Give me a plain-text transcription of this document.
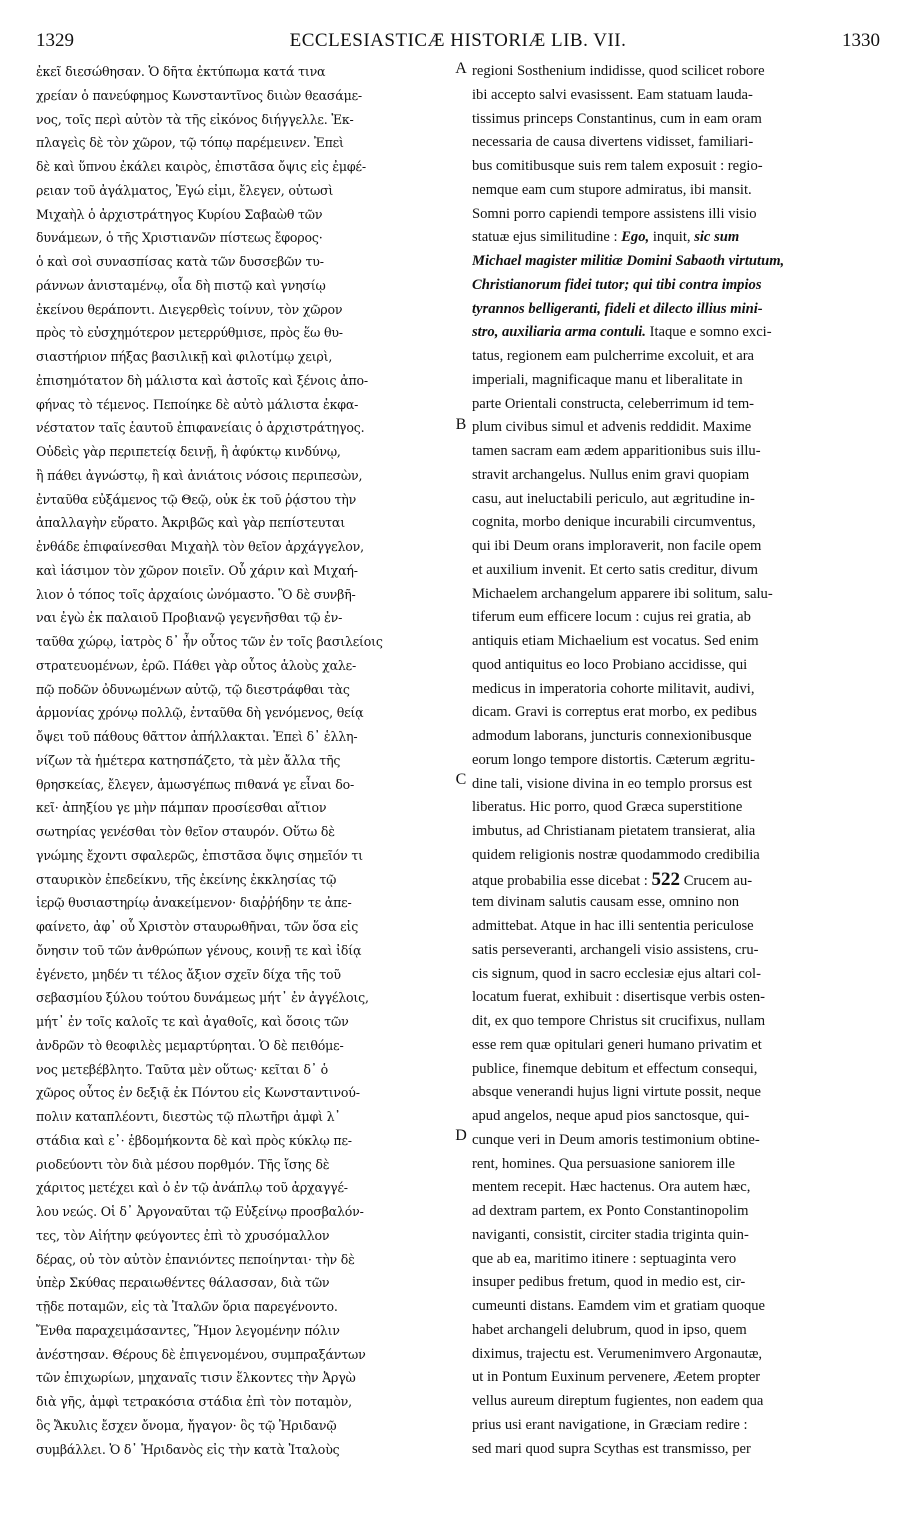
1329	ECCLESIASTICÆ HISTORIÆ LIB. VII.	1330
A
B
C
D
ἐκεῖ διεσώθησαν. Ὁ δῆτα ἐκτύπωμα κατά τινα
χρείαν ὁ πανεύφημος Κωνσταντῖνος διιὼν θεασάμε-
νος, τοῖς περὶ αὐτὸν τὰ τῆς εἰκόνος διήγγελλε. Ἐκ-
πλαγεὶς δὲ τὸν χῶρον, τῷ τόπῳ παρέμεινεν. Ἐπεὶ
δὲ καὶ ὕπνου ἐκάλει καιρὸς, ἐπιστᾶσα ὄψις εἰς ἐμφέ-
ρειαν τοῦ ἀγάλματος, Ἐγώ εἰμι, ἔλεγεν, οὑτωσὶ
Μιχαὴλ ὁ ἀρχιστράτηγος Κυρίου Σαβαὼθ τῶν
δυνάμεων, ὁ τῆς Χριστιανῶν πίστεως ἔφορος·
ὁ καὶ σοὶ συνασπίσας κατὰ τῶν δυσσεβῶν τυ-
ράννων ἀνισταμένῳ, οἷα δὴ πιστῷ καὶ γνησίῳ
ἐκείνου θεράποντι. Διεγερθεὶς τοίνυν, τὸν χῶρον
πρὸς τὸ εὐσχημότερον μετερρύθμισε, πρὸς ἕω θυ-
σιαστήριον πήξας βασιλικῇ καὶ φιλοτίμῳ χειρὶ,
ἐπισημότατον δὴ μάλιστα καὶ ἀστοῖς καὶ ξένοις ἀπο-
φήνας τὸ τέμενος. Πεποίηκε δὲ αὐτὸ μάλιστα ἐκφα-
νέστατον ταῖς ἑαυτοῦ ἐπιφανείαις ὁ ἀρχιστράτηγος.
Οὐδεὶς γὰρ περιπετείᾳ δεινῇ, ἢ ἀφύκτῳ κινδύνῳ,
ἢ πάθει ἀγνώστῳ, ἢ καὶ ἀνιάτοις νόσοις περιπεσὼν,
ἐνταῦθα εὐξάμενος τῷ Θεῷ, οὐκ ἐκ τοῦ ῥᾴστου τὴν
ἀπαλλαγὴν εὕρατο. Ἀκριβῶς καὶ γὰρ πεπίστευται
ἐνθάδε ἐπιφαίνεσθαι Μιχαὴλ τὸν θεῖον ἀρχάγγελον,
καὶ ἰάσιμον τὸν χῶρον ποιεῖν. Οὗ χάριν καὶ Μιχαή-
λιον ὁ τόπος τοῖς ἀρχαίοις ὠνόμαστο. Ὃ δὲ συνβῆ-
ναι ἐγὼ ἐκ παλαιοῦ Προβιανῷ γεγενῆσθαι τῷ ἐν-
ταῦθα χώρῳ, ἰατρὸς δ᾽ ἦν οὗτος τῶν ἐν τοῖς βασιλείοις
στρατευομένων, ἐρῶ. Πάθει γὰρ οὗτος ἁλοὺς χαλε-
πῷ ποδῶν ὀδυνωμένων αὐτῷ, τῷ διεστράφθαι τὰς
ἁρμονίας χρόνῳ πολλῷ, ἐνταῦθα δὴ γενόμενος, θείᾳ
ὄψει τοῦ πάθους θᾶττον ἀπήλλακται. Ἐπεὶ δ᾽ ἑλλη-
νίζων τὰ ἡμέτερα κατησπάζετο, τὰ μὲν ἄλλα τῆς
θρησκείας, ἔλεγεν, ἁμωσγέπως πιθανά γε εἶναι δο-
κεῖ· ἀπηξίου γε μὴν πάμπαν προσίεσθαι αἴτιον
σωτηρίας γενέσθαι τὸν θεῖον σταυρόν. Οὕτω δὲ
γνώμης ἔχοντι σφαλερῶς, ἐπιστᾶσα ὄψις σημεῖόν τι
σταυρικὸν ἐπεδείκνυ, τῆς ἐκείνης ἐκκλησίας τῷ
ἱερῷ θυσιαστηρίῳ ἀνακείμενον· διαῤῥήδην τε ἀπε-
φαίνετο, ἀφ᾽ οὗ Χριστὸν σταυρωθῆναι, τῶν ὅσα εἰς
ὄνησιν τοῦ τῶν ἀνθρώπων γένους, κοινῇ τε καὶ ἰδίᾳ
ἐγένετο, μηδέν τι τέλος ἄξιον σχεῖν δίχα τῆς τοῦ
σεβασμίου ξύλου τούτου δυνάμεως μήτ᾽ ἐν ἀγγέλοις,
μήτ᾽ ἐν τοῖς καλοῖς τε καὶ ἀγαθοῖς, καὶ ὅσοις τῶν
ἀνδρῶν τὸ θεοφιλὲς μεμαρτύρηται. Ὁ δὲ πειθόμε-
νος μετεβέβλητο. Ταῦτα μὲν οὕτως· κεῖται δ᾽ ὁ
χῶρος οὗτος ἐν δεξιᾷ ἐκ Πόντου εἰς Κωνσταντινού-
πολιν καταπλέοντι, διεστὼς τῷ πλωτῆρι ἀμφὶ λ᾽
στάδια καὶ ε᾽· ἑβδομήκοντα δὲ καὶ πρὸς κύκλῳ πε-
ριοδεύοντι τὸν διὰ μέσου πορθμόν. Τῆς ἴσης δὲ
χάριτος μετέχει καὶ ὁ ἐν τῷ ἀνάπλῳ τοῦ ἀρχαγγέ-
λου νεώς. Οἱ δ᾽ Ἀργοναῦται τῷ Εὐξείνῳ προσβαλόν-
τες, τὸν Αἰήτην φεύγοντες ἐπὶ τὸ χρυσόμαλλον
δέρας, οὐ τὸν αὐτὸν ἐπανιόντες πεποίηνται· τὴν δὲ
ὑπὲρ Σκύθας περαιωθέντες θάλασσαν, διὰ τῶν
τῇδε ποταμῶν, εἰς τὰ Ἰταλῶν ὅρια παρεγένοντο.
Ἔνθα παραχειμάσαντες, Ἥμον λεγομένην πόλιν
ἀνέστησαν. Θέρους δὲ ἐπιγενομένου, συμπραξάντων
τῶν ἐπιχωρίων, μηχαναῖς τισιν ἕλκοντες τὴν Ἀργὼ
διὰ γῆς, ἀμφὶ τετρακόσια στάδια ἐπὶ τὸν ποταμὸν,
ὃς Ἄκυλις ἔσχεν ὄνομα, ἤγαγον· ὃς τῷ Ἠριδανῷ
συμβάλλει. Ὁ δ᾽ Ἠριδανὸς εἰς τὴν κατὰ Ἰταλοὺς
regioni Sosthenium indidisse, quod scilicet robore
ibi accepto salvi evasissent. Eam statuam lauda-
tissimus princeps Constantinus, cum in eam oram
necessaria de causa divertens vidisset, familiari-
bus comitibusque suis rem talem exposuit : regio-
nemque eam cum stupore admiratus, ibi mansit.
Somni porro capiendi tempore assistens illi visio
statuæ ejus similitudine : Ego, inquit, sic sum
Michael magister militiæ Domini Sabaoth virtutum,
Christianorum fidei tutor; qui tibi contra impios
tyrannos belligeranti, fideli et dilecto illius mini-
stro, auxiliaria arma contuli. Itaque e somno exci-
tatus, regionem eam pulcherrime excoluit, et ara
imperiali, magnificaque manu et liberalitate in
parte Orientali constructa, celeberrimum id tem-
plum civibus simul et advenis reddidit. Maxime
tamen sacram eam ædem apparitionibus suis illu-
stravit archangelus. Nullus enim gravi quopiam
casu, aut ineluctabili periculo, aut ægritudine in-
cognita, morbo denique incurabili circumventus,
qui ibi Deum orans imploraverit, non facile opem
et auxilium invenit. Et certo satis creditur, divum
Michaelem archangelum apparere ibi solitum, salu-
tiferum eum efficere locum : cujus rei gratia, ab
antiquis etiam Michaelium est vocatus. Sed enim
quod antiquitus eo loco Probiano accidisse, qui
medicus in imperatoria cohorte militavit, audivi,
dicam. Gravi is correptus erat morbo, ex pedibus
admodum laborans, juncturis connexionibusque
eorum longo tempore distortis. Cæterum ægritu-
dine tali, visione divina in eo templo prorsus est
liberatus. Hic porro, quod Græca superstitione
imbutus, ad Christianam pietatem transierat, alia
quidem religionis nostræ quodammodo credibilia
atque probabilia esse dicebat : 522 Crucem au-
tem divinam salutis causam esse, omnino non
admittebat. Atque in hac illi sententia periculose
satis perseveranti, archangeli visio assistens, cru-
cis signum, quod in sacro ecclesiæ ejus altari col-
locatum fuerat, exhibuit : disertisque verbis osten-
dit, ex quo tempore Christus sit crucifixus, nullam
esse rem quæ opitulari generi humano privatim et
publice, finemque debitum et effectum consequi,
absque venerandi hujus ligni virtute possit, neque
apud angelos, neque apud pios sanctosque, qui-
cunque veri in Deum amoris testimonium obtine-
rent, homines. Qua persuasione saniorem ille
mentem recepit. Hæc hactenus. Ora autem hæc,
ad dextram partem, ex Ponto Constantinopolim
naviganti, consistit, circiter stadia triginta quin-
que ab ea, maritimo itinere : septuaginta vero
insuper pedibus fretum, quod in medio est, cir-
cumeunti distans. Eamdem vim et gratiam quoque
habet archangeli delubrum, quod in ipso, quem
diximus, trajectu est. Verumenimvero Argonautæ,
ut in Pontum Euxinum pervenere, Æetem propter
vellus aureum direptum fugientes, non eadem qua
prius usi erant navigatione, in Græciam redire :
sed mari quod supra Scythas est transmisso, per
